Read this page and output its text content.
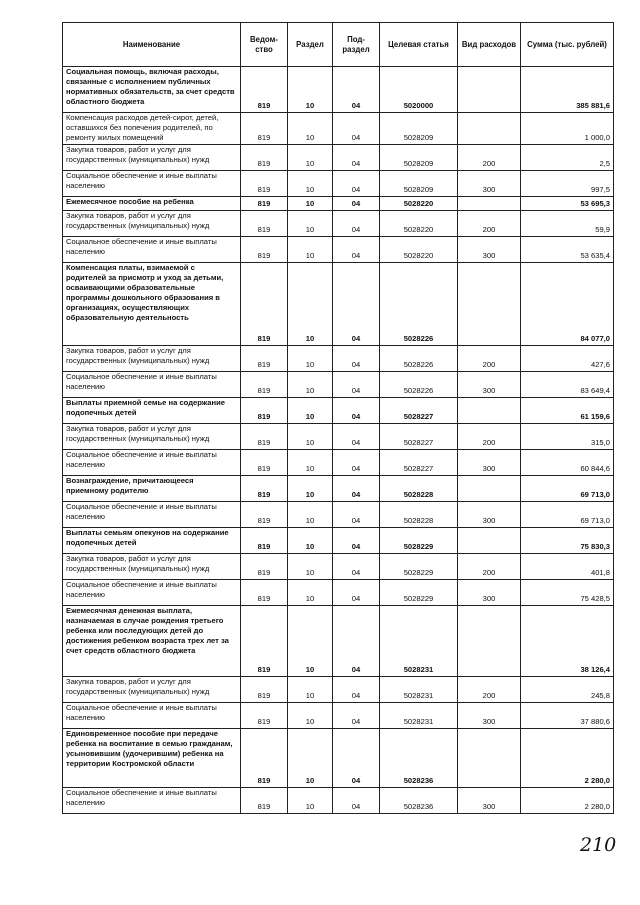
Наименование	Ведом-ство	Раздел	Под-раздел	Целевая статья	Вид расходов	Сумма (тыс. рублей)
Социальная помощь, включая расходы, связанные с исполнением публичных нормативных обязательств, за счет средств областного бюджета	819	10	04	5020000		385 881,6
Компенсация расходов детей-сирот, детей, оставшихся без попечения родителей, по ремонту жилых помещений	819	10	04	5028209		1 000,0
Закупка товаров, работ и услуг для государственных (муниципальных) нужд	819	10	04	5028209	200	2,5
Социальное обеспечение и иные выплаты населению	819	10	04	5028209	300	997,5
Ежемесячное пособие на ребенка	819	10	04	5028220		53 695,3
Закупка товаров, работ и услуг для государственных (муниципальных) нужд	819	10	04	5028220	200	59,9
Социальное обеспечение и иные выплаты населению	819	10	04	5028220	300	53 635,4
Компенсация платы, взимаемой с родителей за присмотр и уход за детьми, осваивающими образовательные программы дошкольного образования в организациях, осуществляющих образовательную деятельность	819	10	04	5028226		84 077,0
Закупка товаров, работ и услуг для государственных (муниципальных) нужд	819	10	04	5028226	200	427,6
Социальное обеспечение и иные выплаты населению	819	10	04	5028226	300	83 649,4
Выплаты приемной семье на содержание подопечных детей	819	10	04	5028227		61 159,6
Закупка товаров, работ и услуг для государственных (муниципальных) нужд	819	10	04	5028227	200	315,0
Социальное обеспечение и иные выплаты населению	819	10	04	5028227	300	60 844,6
Вознаграждение, причитающееся приемному родителю	819	10	04	5028228		69 713,0
Социальное обеспечение и иные выплаты населению	819	10	04	5028228	300	69 713,0
Выплаты семьям опекунов на содержание подопечных детей	819	10	04	5028229		75 830,3
Закупка товаров, работ и услуг для государственных (муниципальных) нужд	819	10	04	5028229	200	401,8
Социальное обеспечение и иные выплаты населению	819	10	04	5028229	300	75 428,5
Ежемесячная денежная выплата, назначаемая в случае рождения третьего ребенка или последующих детей до достижения ребенком возраста трех лет за счет средств областного бюджета	819	10	04	5028231		38 126,4
Закупка товаров, работ и услуг для государственных (муниципальных) нужд	819	10	04	5028231	200	245,8
Социальное обеспечение и иные выплаты населению	819	10	04	5028231	300	37 880,6
Единовременное пособие при передаче ребенка на воспитание в семью гражданам, усыновившим (удочерившим) ребенка на территории Костромской области	819	10	04	5028236		2 280,0
Социальное обеспечение и иные выплаты населению	819	10	04	5028236	300	2 280,0
210
